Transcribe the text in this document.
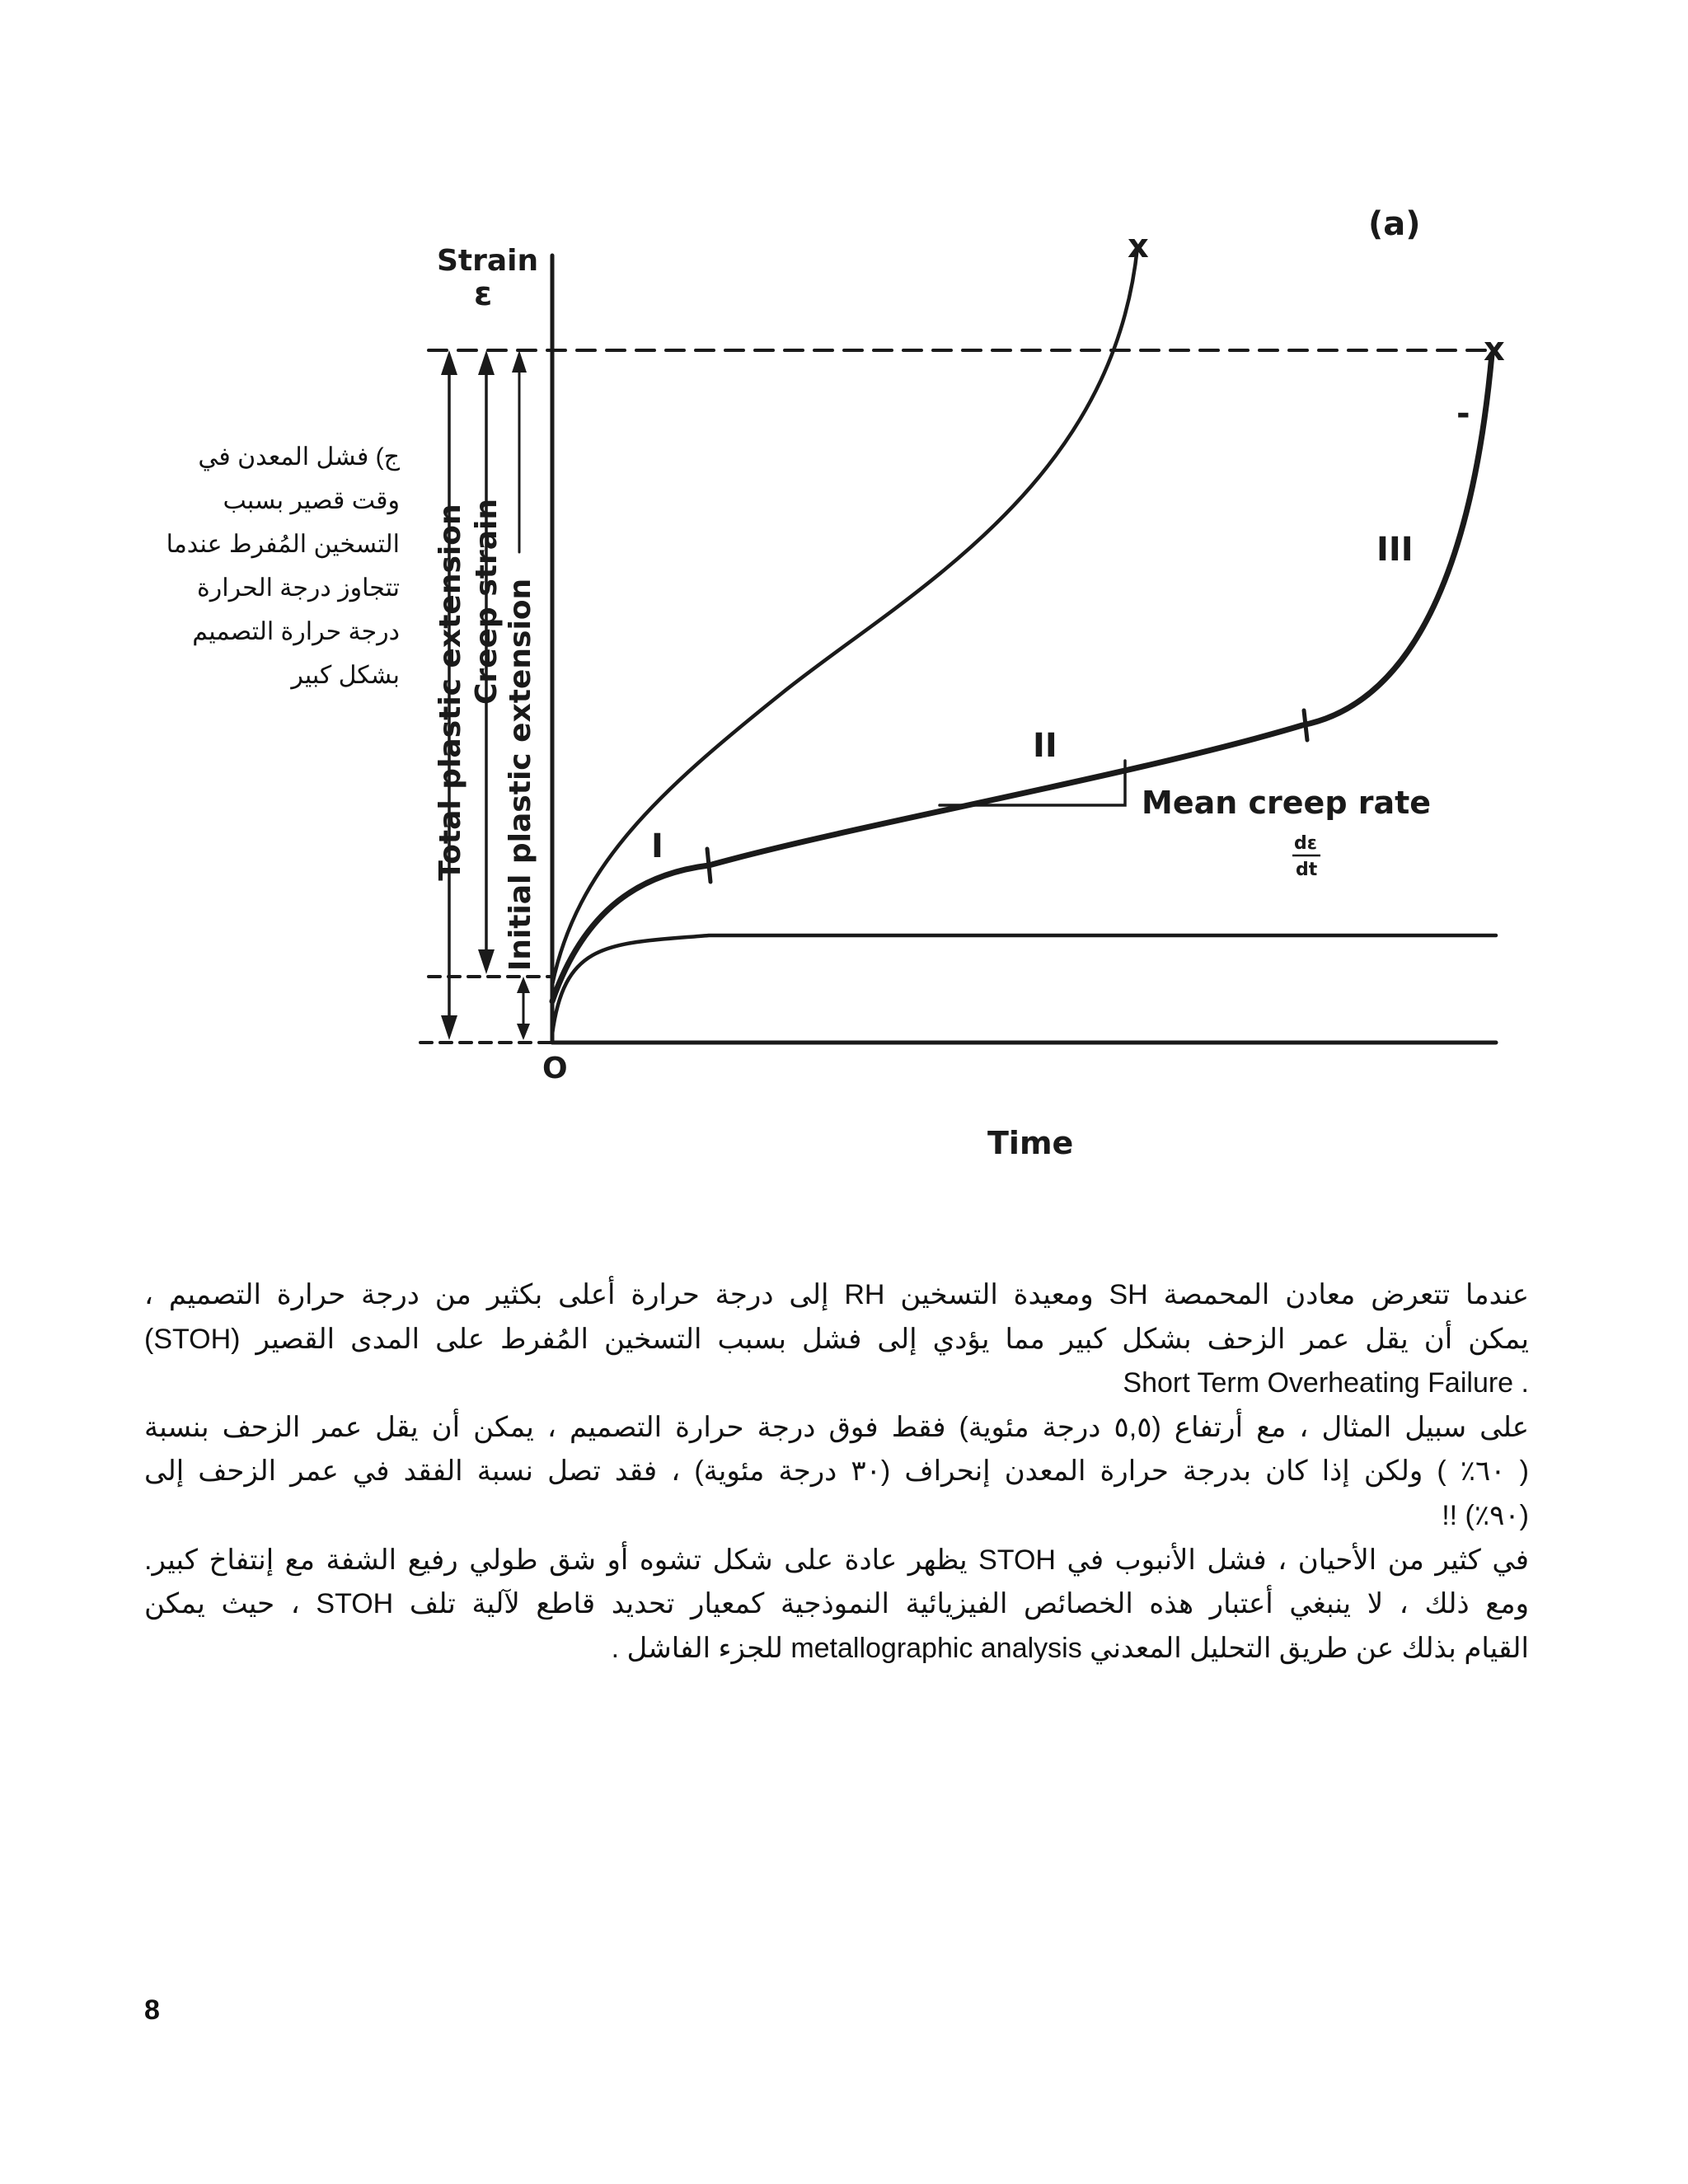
x
x
-
(a)
Strain
ε
O
Time
Total plastic extension Creep strain Initial plastic extension	I
II
III
Mean creep rate
dε
dt
ج) فشل المعدن في
وقت قصير بسبب
التسخين المُفرط عندما
تتجاوز درجة الحرارة
درجة حرارة التصميم
بشكل كبير
عندما تتعرض معادن المحمصة SH ومعيدة التسخين RH إلى درجة حرارة أعلى بكثير من درجة حرارة التصميم ،
يمكن أن يقل عمر الزحف بشكل كبير مما يؤدي إلى فشل بسبب التسخين المُفرط على المدى القصير (STOH)
. Short Term Overheating Failure
على سبيل المثال ، مع أرتفاع (٥,٥ درجة مئوية) فقط فوق درجة حرارة التصميم ، يمكن أن يقل عمر الزحف بنسبة
( ٦٠٪ ) ولكن إذا كان بدرجة حرارة المعدن إنحراف (٣٠ درجة مئوية) ، فقد تصل نسبة الفقد في عمر الزحف إلى
(٩٠٪) !!
في كثير من الأحيان ، فشل الأنبوب في STOH يظهر عادة على شكل تشوه أو شق طولي رفيع الشفة مع إنتفاخ كبير.
ومع ذلك ، لا ينبغي أعتبار هذه الخصائص الفيزيائية النموذجية كمعيار تحديد قاطع لآلية تلف STOH ، حيث يمكن
القيام بذلك عن طريق التحليل المعدني metallographic analysis للجزء الفاشل .
8
